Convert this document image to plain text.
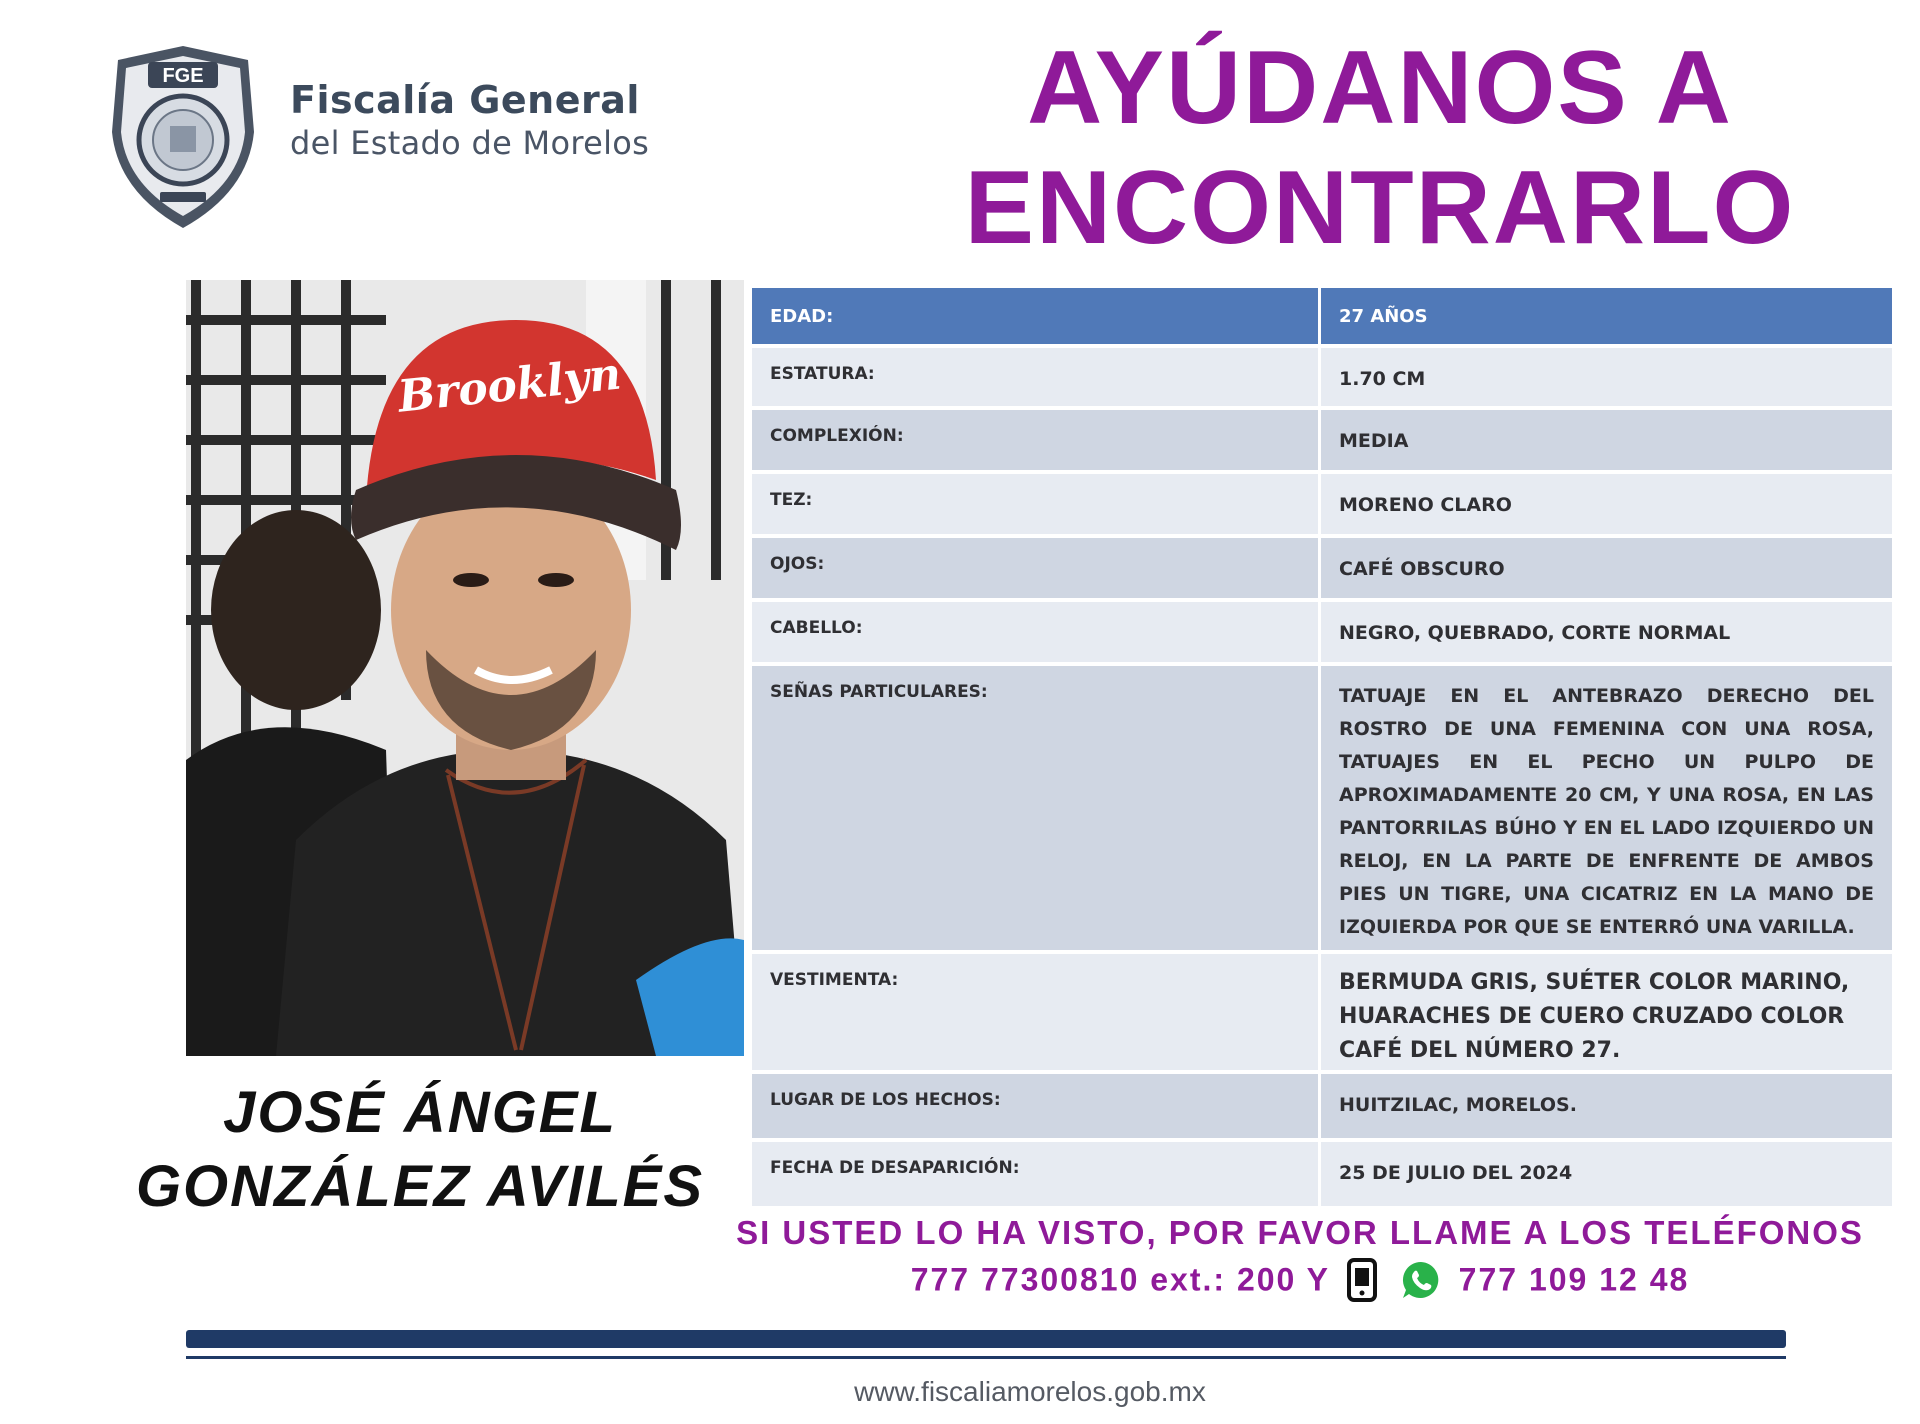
FGE
Fiscalía General
del Estado de Morelos	AYÚDANOS A
ENCONTRARLO
Brooklyn
JOSÉ ÁNGEL
GONZÁLEZ AVILÉS
EDAD:	27 AÑOS
ESTATURA:	1.70 CM
COMPLEXIÓN:	MEDIA
TEZ:	MORENO CLARO
OJOS:	CAFÉ OBSCURO
CABELLO:	NEGRO, QUEBRADO, CORTE NORMAL
SEÑAS PARTICULARES:	TATUAJE EN EL ANTEBRAZO DERECHO DEL ROSTRO DE UNA FEMENINA CON UNA ROSA, TATUAJES EN EL PECHO UN PULPO DE APROXIMADAMENTE 20 CM, Y UNA ROSA, EN LAS PANTORRILAS BÚHO Y EN EL LADO IZQUIERDO UN RELOJ, EN LA PARTE DE ENFRENTE DE AMBOS PIES UN TIGRE, UNA CICATRIZ EN LA MANO DE IZQUIERDA POR QUE SE ENTERRÓ UNA VARILLA.
VESTIMENTA:	BERMUDA GRIS, SUÉTER COLOR MARINO, HUARACHES DE CUERO CRUZADO COLOR CAFÉ DEL NÚMERO 27.
LUGAR DE LOS HECHOS:	HUITZILAC, MORELOS.
FECHA DE DESAPARICIÓN:	25 DE JULIO DEL 2024
SI USTED LO HA VISTO, POR FAVOR LLAME A LOS TELÉFONOS
777 77300810 ext.: 200 Y	777 109 12 48
www.fiscaliamorelos.gob.mx
